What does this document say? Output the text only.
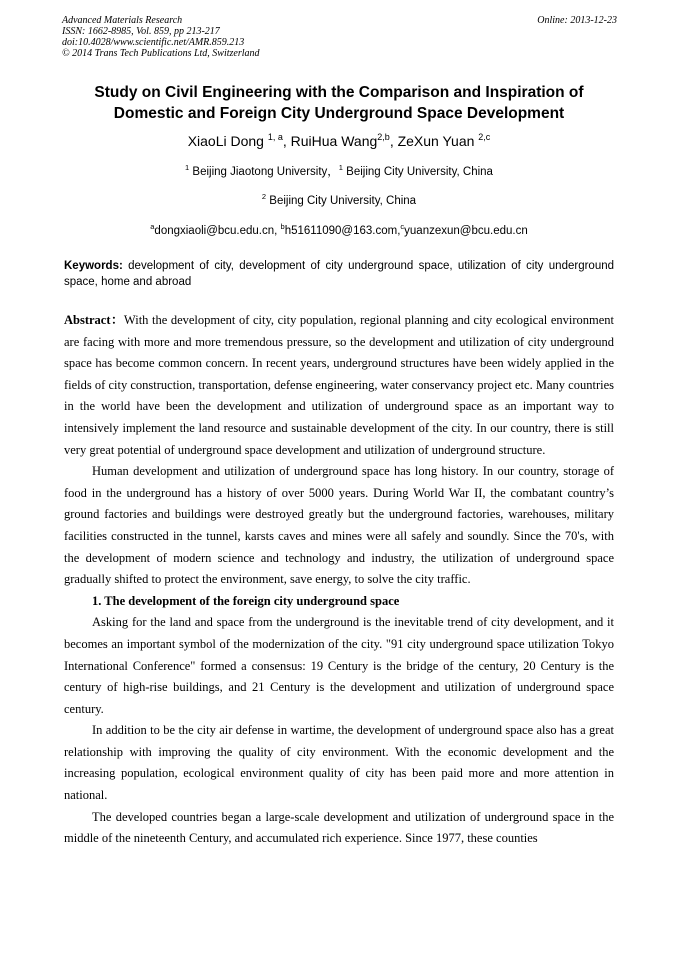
Advanced Materials Research
ISSN: 1662-8985, Vol. 859, pp 213-217
doi:10.4028/www.scientific.net/AMR.859.213
© 2014 Trans Tech Publications Ltd, Switzerland
Online: 2013-12-23
Study on Civil Engineering with the Comparison and Inspiration of
Domestic and Foreign City Underground Space Development
XiaoLi Dong $^{1, a}$, RuiHua Wang$^{2,b}$, ZeXun Yuan $^{2,c}$
$^1$ Beijing Jiaotong University，$^1$ Beijing City University, China
$^2$ Beijing City University, China
$^a$dongxiaoli@bcu.edu.cn, $^b$h51611090@163.com,$^c$yuanzexun@bcu.edu.cn
Keywords: development of city, development of city underground space, utilization of city underground space, home and abroad

Abstract：With the development of city, city population, regional planning and city ecological environment are facing with more and more tremendous pressure, so the development and utilization of city underground space has become common concern. In recent years, underground structures have been widely applied in the fields of city construction, transportation, defense engineering, water conservancy project etc. Many countries in the world have been the development and utilization of underground space as an important way to intensively implement the land resource and sustainable development of the city. In our country, there is still very great potential of underground space development and utilization of underground structure.

Human development and utilization of underground space has long history. In our country, storage of food in the underground has a history of over 5000 years. During World War II, the combatant country’s ground factories and buildings were destroyed greatly but the underground factories, warehouses, military facilities constructed in the tunnel, karsts caves and mines were all safely and soundly. Since the 70's, with the development of modern science and technology and industry, the utilization of underground space gradually shifted to protect the environment, save energy, to solve the city traffic.

1. The development of the foreign city underground space

Asking for the land and space from the underground is the inevitable trend of city development, and it becomes an important symbol of the modernization of the city. "91 city underground space utilization Tokyo International Conference" formed a consensus: 19 Century is the bridge of the century, 20 Century is the century of high-rise buildings, and 21 Century is the development and utilization of underground space century.

In addition to be the city air defense in wartime, the development of underground space also has a great relationship with improving the quality of city environment. With the economic development and the increasing population, ecological environment quality of city has been paid more and more attention in national.

The developed countries began a large-scale development and utilization of underground space in the middle of the nineteenth Century, and accumulated rich experience. Since 1977, these counties
